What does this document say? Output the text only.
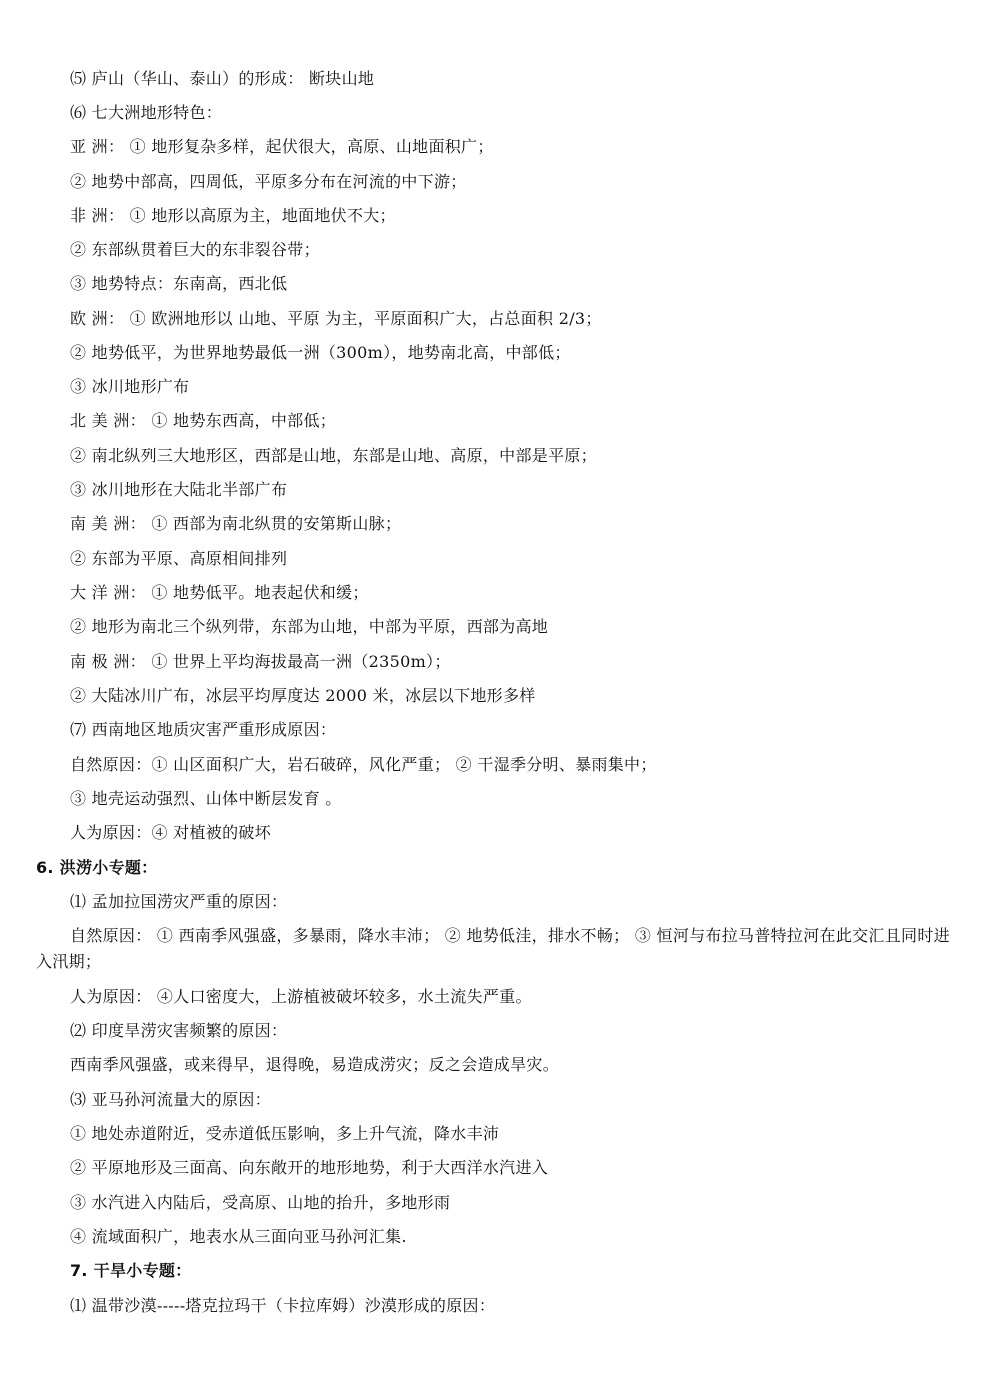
⑸ 庐山（华山、泰山）的形成： 断块山地
⑹ 七大洲地形特色：
亚 洲： ① 地形复杂多样，起伏很大，高原、山地面积广；
② 地势中部高，四周低，平原多分布在河流的中下游；
非 洲： ① 地形以高原为主，地面地伏不大；
② 东部纵贯着巨大的东非裂谷带；
③ 地势特点：东南高，西北低
欧 洲： ① 欧洲地形以 山地、平原 为主，平原面积广大，占总面积 2/3；
② 地势低平，为世界地势最低一洲（300m），地势南北高，中部低；
③ 冰川地形广布
北 美 洲： ① 地势东西高，中部低；
② 南北纵列三大地形区，西部是山地，东部是山地、高原，中部是平原；
③ 冰川地形在大陆北半部广布
南 美 洲： ① 西部为南北纵贯的安第斯山脉；
② 东部为平原、高原相间排列
大 洋 洲： ① 地势低平。地表起伏和缓；
② 地形为南北三个纵列带，东部为山地，中部为平原，西部为高地
南 极 洲： ① 世界上平均海拔最高一洲（2350m）；
② 大陆冰川广布，冰层平均厚度达 2000 米，冰层以下地形多样
⑺ 西南地区地质灾害严重形成原因：
自然原因：① 山区面积广大，岩石破碎，风化严重； ② 干湿季分明、暴雨集中；
③ 地壳运动强烈、山体中断层发育 。
人为原因：④ 对植被的破坏
6. 洪涝小专题：
⑴ 孟加拉国涝灾严重的原因：
自然原因： ① 西南季风强盛，多暴雨，降水丰沛； ② 地势低洼，排水不畅； ③ 恒河与布拉马普特拉河在此交汇且同时进入汛期；
人为原因： ④人口密度大，上游植被破坏较多，水土流失严重。
⑵ 印度旱涝灾害频繁的原因：
西南季风强盛，或来得早，退得晚，易造成涝灾；反之会造成旱灾。
⑶ 亚马孙河流量大的原因：
① 地处赤道附近，受赤道低压影响，多上升气流，降水丰沛
② 平原地形及三面高、向东敞开的地形地势，利于大西洋水汽进入
③ 水汽进入内陆后，受高原、山地的抬升，多地形雨
④ 流域面积广，地表水从三面向亚马孙河汇集.
7. 干旱小专题：
⑴ 温带沙漠-----塔克拉玛干（卡拉库姆）沙漠形成的原因：
